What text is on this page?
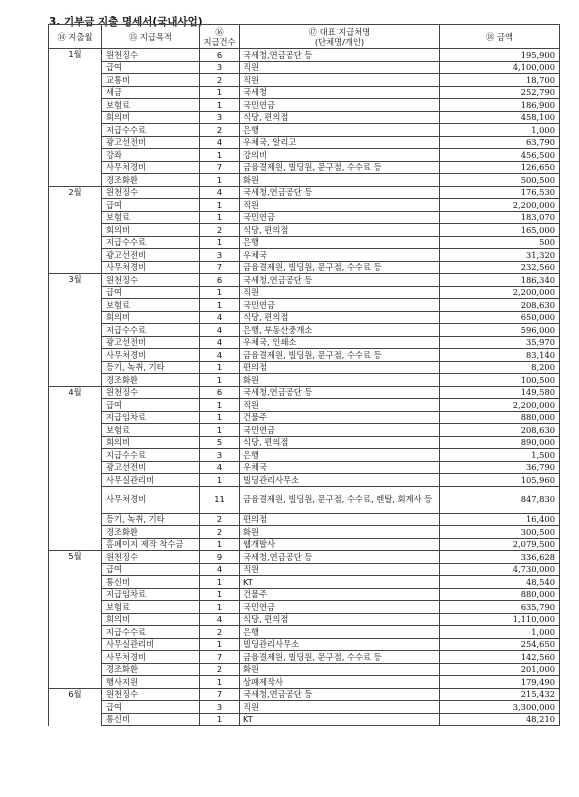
3. 기부금 지출 명세서(국내사업)
⑭ 지출월	⑮ 지급목적	⑯
지급건수	⑰ 대표 지급처명
(단체명/개인)	⑱ 금액
1월	원천징수	6	국세청,연금공단 등	195,900
	급여	3	직원	4,100,000
	교통비	2	직원	18,700
	세금	1	국세청	252,790
	보험료	1	국민연금	186,900
	회의비	3	식당, 편의점	458,100
	지급수수료	2	은행	1,000
	광고선전비	4	우체국, 알리고	63,790
	강좌	1	강의비	456,500
	사무처경비	7	금융결제원, 빌딩원, 문구점, 수수료 등	126,650
	경조화환	1	화원	500,500
2월	원천징수	4	국세청,연금공단 등	176,530
	급여	1	직원	2,200,000
	보험료	1	국민연금	183,070
	회의비	2	식당, 편의점	165,000
	지급수수료	1	은행	500
	광고선전비	3	우체국	31,320
	사무처경비	7	금융결제원, 빌딩원, 문구점, 수수료 등	232,560
3월	원천징수	6	국세청,연금공단 등	186,340
	급여	1	직원	2,200,000
	보험료	1	국민연금	208,630
	회의비	4	식당, 편의점	650,000
	지급수수료	4	은행, 부동산중개소	596,000
	광고선전비	4	우체국, 인쇄소	35,970
	사무처경비	4	금융결제원, 빌딩원, 문구점, 수수료 등	83,140
	등기, 녹취, 기타	1	편의점	8,200
	경조화환	1	화원	100,500
4월	원천징수	6	국세청,연금공단 등	149,580
	급여	1	직원	2,200,000
	지급임차료	1	건물주	880,000
	보험료	1	국민연금	208,630
	회의비	5	식당, 편의점	890,000
	지급수수료	3	은행	1,500
	광고선전비	4	우체국	36,790
	사무실관리비	1	빌딩관리사무소	105,960
	사무처경비	11	금융결제원, 빌딩원, 문구점, 수수료, 렌탈, 회계사 등	847,830
	등기, 녹취, 기타	2	편의점	16,400
	경조화환	2	화원	300,500
	홈페이지 제작 착수금	1	웹개발사	2,079,500
5월	원천징수	9	국세청,연금공단 등	336,628
	급여	4	직원	4,730,000
	통신비	1	KT	48,540
	지급임차료	1	건물주	880,000
	보험료	1	국민연금	635,790
	회의비	4	식당, 편의점	1,110,000
	지급수수료	2	은행	1,000
	사무실관리비	1	빌딩관리사무소	254,650
	사무처경비	7	금융결제원, 빌딩원, 문구점, 수수료 등	142,560
	경조화환	2	화원	201,000
	행사지원	1	상패제작사	179,490
6월	원천징수	7	국세청,연금공단 등	215,432
	급여	3	직원	3,300,000
	통신비	1	KT	48,210
